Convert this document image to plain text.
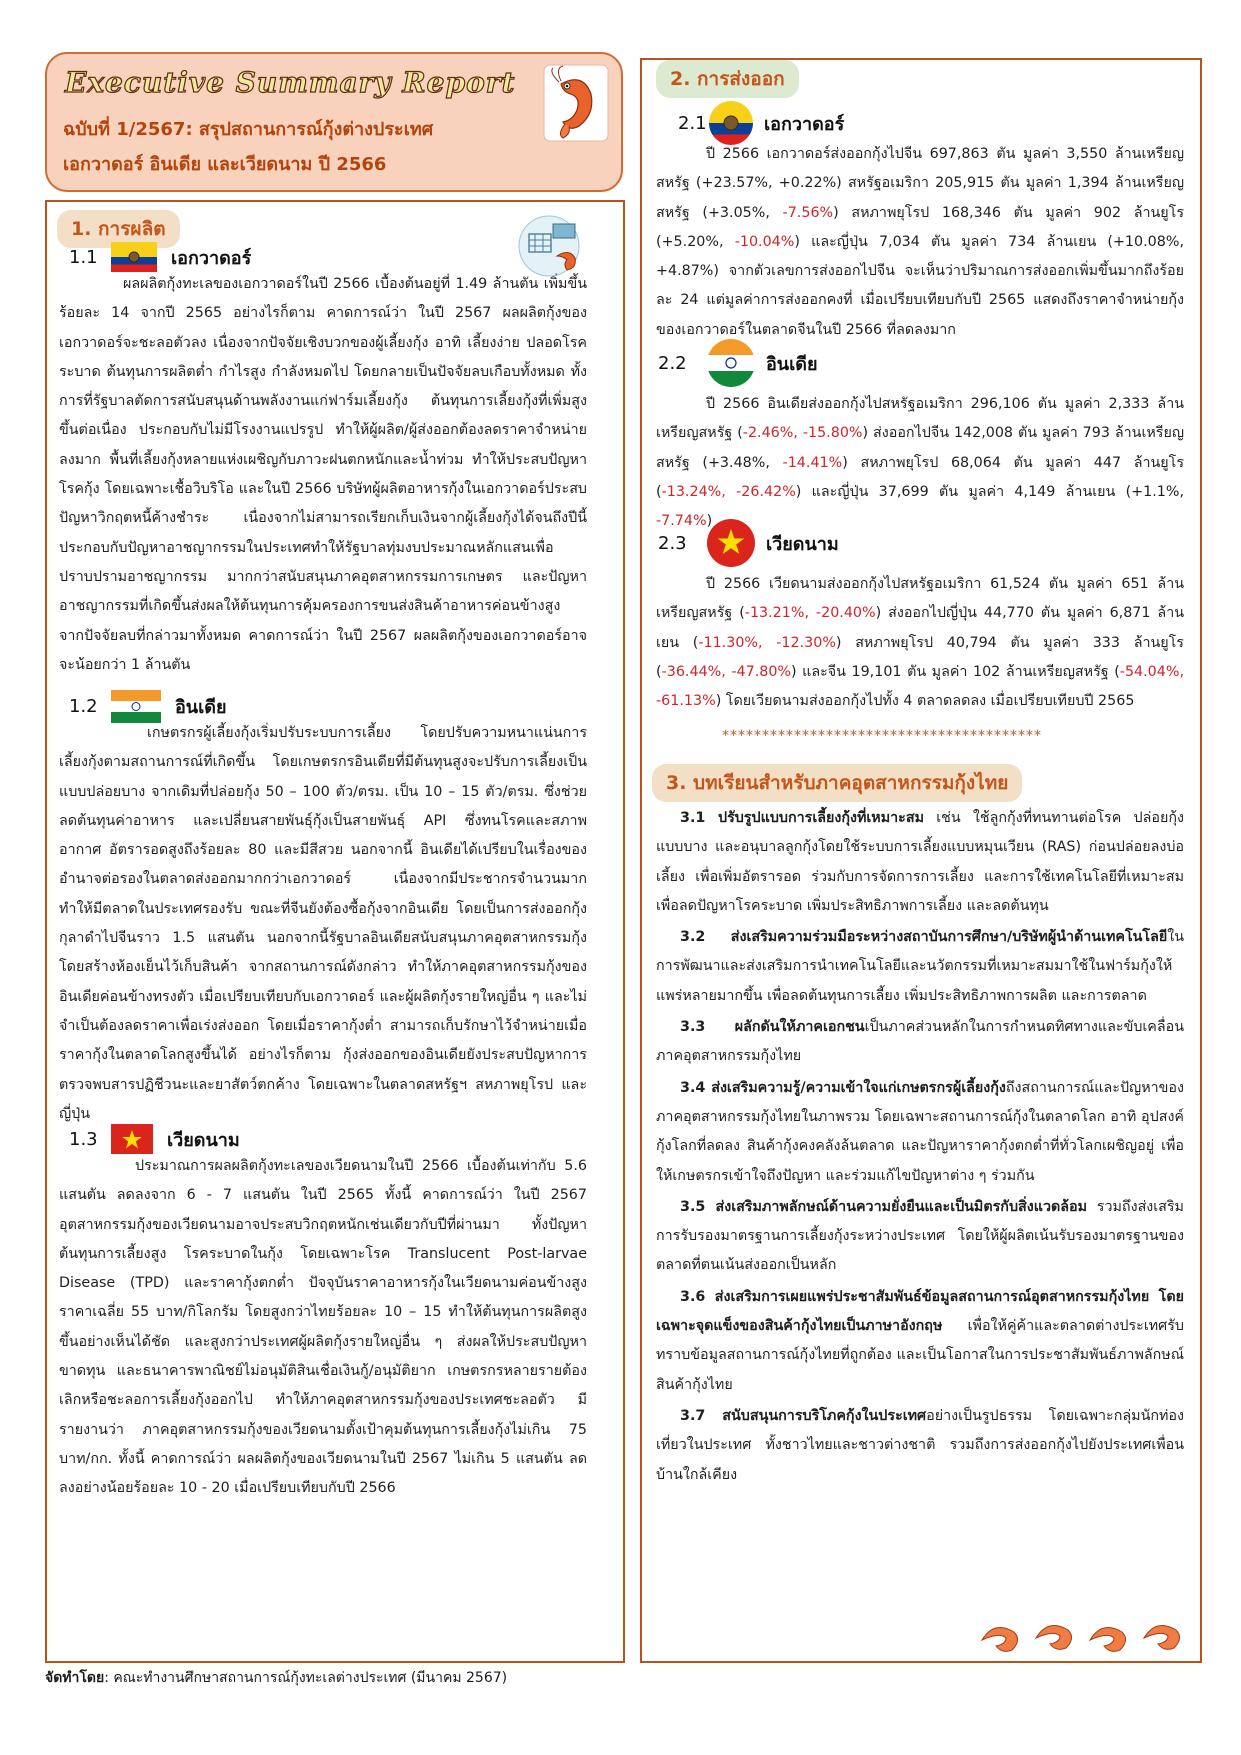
Executive Summary Report
ฉบับที่ 1/2567: สรุปสถานการณ์กุ้งต่างประเทศ
เอกวาดอร์ อินเดีย และเวียดนาม ปี 2566
1. การผลิต
1.1	เอกวาดอร์
ผลผลิตกุ้งทะเลของเอกวาดอร์ในปี 2566 เบื้องต้นอยู่ที่ 1.49 ล้านตัน เพิ่มขึ้นร้อยละ 14 จากปี 2565 อย่างไรก็ตาม คาดการณ์ว่า ในปี 2567 ผลผลิตกุ้งของเอกวาดอร์จะชะลอตัวลง เนื่องจากปัจจัยเชิงบวกของผู้เลี้ยงกุ้ง อาทิ เลี้ยงง่าย ปลอดโรคระบาด ต้นทุนการผลิตต่ำ กำไรสูง กำลังหมดไป โดยกลายเป็นปัจจัยลบเกือบทั้งหมด ทั้งการที่รัฐบาลตัดการสนับสนุนด้านพลังงานแก่ฟาร์มเลี้ยงกุ้ง ต้นทุนการเลี้ยงกุ้งที่เพิ่มสูงขึ้นต่อเนื่อง ประกอบกับไม่มีโรงงานแปรรูป ทำให้ผู้ผลิต/ผู้ส่งออกต้องลดราคาจำหน่ายลงมาก พื้นที่เลี้ยงกุ้งหลายแห่งเผชิญกับภาวะฝนตกหนักและน้ำท่วม ทำให้ประสบปัญหาโรคกุ้ง โดยเฉพาะเชื้อวิบริโอ และในปี 2566 บริษัทผู้ผลิตอาหารกุ้งในเอกวาดอร์ประสบปัญหาวิกฤตหนี้ค้างชำระ เนื่องจากไม่สามารถเรียกเก็บเงินจากผู้เลี้ยงกุ้งได้จนถึงปีนี้ ประกอบกับปัญหาอาชญากรรมในประเทศทำให้รัฐบาลทุ่มงบประมาณหลักแสนเพื่อปราบปรามอาชญากรรม มากกว่าสนับสนุนภาคอุตสาหกรรมการเกษตร และปัญหาอาชญากรรมที่เกิดขึ้นส่งผลให้ต้นทุนการคุ้มครองการขนส่งสินค้าอาหารค่อนข้างสูง จากปัจจัยลบที่กล่าวมาทั้งหมด คาดการณ์ว่า ในปี 2567 ผลผลิตกุ้งของเอกวาดอร์อาจจะน้อยกว่า 1 ล้านตัน
1.2	อินเดีย
เกษตรกรผู้เลี้ยงกุ้งเริ่มปรับระบบการเลี้ยง โดยปรับความหนาแน่นการเลี้ยงกุ้งตามสถานการณ์ที่เกิดขึ้น โดยเกษตรกรอินเดียที่มีต้นทุนสูงจะปรับการเลี้ยงเป็นแบบปล่อยบาง จากเดิมที่ปล่อยกุ้ง 50 – 100 ตัว/ตรม. เป็น 10 – 15 ตัว/ตรม. ซึ่งช่วยลดต้นทุนค่าอาหาร และเปลี่ยนสายพันธุ์กุ้งเป็นสายพันธุ์ API ซึ่งทนโรคและสภาพอากาศ อัตรารอดสูงถึงร้อยละ 80 และมีสีสวย นอกจากนี้ อินเดียได้เปรียบในเรื่องของอำนาจต่อรองในตลาดส่งออกมากกว่าเอกวาดอร์ เนื่องจากมีประชากรจำนวนมาก ทำให้มีตลาดในประเทศรองรับ ขณะที่จีนยังต้องซื้อกุ้งจากอินเดีย โดยเป็นการส่งออกกุ้งกุลาดำไปจีนราว 1.5 แสนตัน นอกจากนี้รัฐบาลอินเดียสนับสนุนภาคอุตสาหกรรมกุ้ง โดยสร้างห้องเย็นไว้เก็บสินค้า จากสถานการณ์ดังกล่าว ทำให้ภาคอุตสาหกรรมกุ้งของอินเดียค่อนข้างทรงตัว เมื่อเปรียบเทียบกับเอกวาดอร์ และผู้ผลิตกุ้งรายใหญ่อื่น ๆ และไม่จำเป็นต้องลดราคาเพื่อเร่งส่งออก โดยเมื่อราคากุ้งต่ำ สามารถเก็บรักษาไว้จำหน่ายเมื่อราคากุ้งในตลาดโลกสูงขึ้นได้ อย่างไรก็ตาม กุ้งส่งออกของอินเดียยังประสบปัญหาการตรวจพบสารปฏิชีวนะและยาสัตว์ตกค้าง โดยเฉพาะในตลาดสหรัฐฯ สหภาพยุโรป และญี่ปุ่น
1.3	เวียดนาม
ประมาณการผลผลิตกุ้งทะเลของเวียดนามในปี 2566 เบื้องต้นเท่ากับ 5.6 แสนตัน ลดลงจาก 6 - 7 แสนตัน ในปี 2565 ทั้งนี้ คาดการณ์ว่า ในปี 2567 อุตสาหกรรมกุ้งของเวียดนามอาจประสบวิกฤตหนักเช่นเดียวกับปีที่ผ่านมา ทั้งปัญหาต้นทุนการเลี้ยงสูง โรคระบาดในกุ้ง โดยเฉพาะโรค Translucent Post-larvae Disease (TPD) และราคากุ้งตกต่ำ ปัจจุบันราคาอาหารกุ้งในเวียดนามค่อนข้างสูง ราคาเฉลี่ย 55 บาท/กิโลกรัม โดยสูงกว่าไทยร้อยละ 10 – 15 ทำให้ต้นทุนการผลิตสูงขึ้นอย่างเห็นได้ชัด และสูงกว่าประเทศผู้ผลิตกุ้งรายใหญ่อื่น ๆ ส่งผลให้ประสบปัญหาขาดทุน และธนาคารพาณิชย์ไม่อนุมัติสินเชื่อเงินกู้/อนุมัติยาก เกษตรกรหลายรายต้องเลิกหรือชะลอการเลี้ยงกุ้งออกไป ทำให้ภาคอุตสาหกรรมกุ้งของประเทศชะลอตัว มีรายงานว่า ภาคอุตสาหกรรมกุ้งของเวียดนามตั้งเป้าคุมต้นทุนการเลี้ยงกุ้งไม่เกิน 75 บาท/กก. ทั้งนี้ คาดการณ์ว่า ผลผลิตกุ้งของเวียดนามในปี 2567 ไม่เกิน 5 แสนตัน ลดลงอย่างน้อยร้อยละ 10 - 20 เมื่อเปรียบเทียบกับปี 2566
2. การส่งออก
2.1	เอกวาดอร์
ปี 2566 เอกวาดอร์ส่งออกกุ้งไปจีน 697,863 ตัน มูลค่า 3,550 ล้านเหรียญสหรัฐ (+23.57%, +0.22%) สหรัฐอเมริกา 205,915 ตัน มูลค่า 1,394 ล้านเหรียญสหรัฐ (+3.05%, -7.56%) สหภาพยุโรป 168,346 ตัน มูลค่า 902 ล้านยูโร (+5.20%, -10.04%) และญี่ปุ่น 7,034 ตัน มูลค่า 734 ล้านเยน (+10.08%, +4.87%) จากตัวเลขการส่งออกไปจีน จะเห็นว่าปริมาณการส่งออกเพิ่มขึ้นมากถึงร้อยละ 24 แต่มูลค่าการส่งออกคงที่ เมื่อเปรียบเทียบกับปี 2565 แสดงถึงราคาจำหน่ายกุ้งของเอกวาดอร์ในตลาดจีนในปี 2566 ที่ลดลงมาก
2.2	อินเดีย
ปี 2566 อินเดียส่งออกกุ้งไปสหรัฐอเมริกา 296,106 ตัน มูลค่า 2,333 ล้านเหรียญสหรัฐ (-2.46%, -15.80%) ส่งออกไปจีน 142,008 ตัน มูลค่า 793 ล้านเหรียญสหรัฐ (+3.48%, -14.41%) สหภาพยุโรป 68,064 ตัน มูลค่า 447 ล้านยูโร (-13.24%, -26.42%) และญี่ปุ่น 37,699 ตัน มูลค่า 4,149 ล้านเยน (+1.1%, -7.74%)
2.3	เวียดนาม
ปี 2566 เวียดนามส่งออกกุ้งไปสหรัฐอเมริกา 61,524 ตัน มูลค่า 651 ล้านเหรียญสหรัฐ (-13.21%, -20.40%) ส่งออกไปญี่ปุ่น 44,770 ตัน มูลค่า 6,871 ล้านเยน (-11.30%, -12.30%) สหภาพยุโรป 40,794 ตัน มูลค่า 333 ล้านยูโร (-36.44%, -47.80%) และจีน 19,101 ตัน มูลค่า 102 ล้านเหรียญสหรัฐ (-54.04%, -61.13%) โดยเวียดนามส่งออกกุ้งไปทั้ง 4 ตลาดลดลง เมื่อเปรียบเทียบปี 2565
****************************************
3. บทเรียนสำหรับภาคอุตสาหกรรมกุ้งไทย
3.1 ปรับรูปแบบการเลี้ยงกุ้งที่เหมาะสม เช่น ใช้ลูกกุ้งที่ทนทานต่อโรค ปล่อยกุ้งแบบบาง และอนุบาลลูกกุ้งโดยใช้ระบบการเลี้ยงแบบหมุนเวียน (RAS) ก่อนปล่อยลงบ่อเลี้ยง เพื่อเพิ่มอัตรารอด ร่วมกับการจัดการการเลี้ยง และการใช้เทคโนโลยีที่เหมาะสม เพื่อลดปัญหาโรคระบาด เพิ่มประสิทธิภาพการเลี้ยง และลดต้นทุน
3.2 ส่งเสริมความร่วมมือระหว่างสถาบันการศึกษา/บริษัทผู้นำด้านเทคโนโลยีในการพัฒนาและส่งเสริมการนำเทคโนโลยีและนวัตกรรมที่เหมาะสมมาใช้ในฟาร์มกุ้งให้แพร่หลายมากขึ้น เพื่อลดต้นทุนการเลี้ยง เพิ่มประสิทธิภาพการผลิต และการตลาด
3.3 ผลักดันให้ภาคเอกชนเป็นภาคส่วนหลักในการกำหนดทิศทางและขับเคลื่อนภาคอุตสาหกรรมกุ้งไทย
3.4 ส่งเสริมความรู้/ความเข้าใจแก่เกษตรกรผู้เลี้ยงกุ้งถึงสถานการณ์และปัญหาของภาคอุตสาหกรรมกุ้งไทยในภาพรวม โดยเฉพาะสถานการณ์กุ้งในตลาดโลก อาทิ อุปสงค์กุ้งโลกที่ลดลง สินค้ากุ้งคงคลังล้นตลาด และปัญหาราคากุ้งตกต่ำที่ทั่วโลกเผชิญอยู่ เพื่อให้เกษตรกรเข้าใจถึงปัญหา และร่วมแก้ไขปัญหาต่าง ๆ ร่วมกัน
3.5 ส่งเสริมภาพลักษณ์ด้านความยั่งยืนและเป็นมิตรกับสิ่งแวดล้อม รวมถึงส่งเสริมการรับรองมาตรฐานการเลี้ยงกุ้งระหว่างประเทศ โดยให้ผู้ผลิตเน้นรับรองมาตรฐานของตลาดที่ตนเน้นส่งออกเป็นหลัก
3.6 ส่งเสริมการเผยแพร่ประชาสัมพันธ์ข้อมูลสถานการณ์อุตสาหกรรมกุ้งไทย โดยเฉพาะจุดแข็งของสินค้ากุ้งไทยเป็นภาษาอังกฤษ เพื่อให้คู่ค้าและตลาดต่างประเทศรับทราบข้อมูลสถานการณ์กุ้งไทยที่ถูกต้อง และเป็นโอกาสในการประชาสัมพันธ์ภาพลักษณ์สินค้ากุ้งไทย
3.7 สนับสนุนการบริโภคกุ้งในประเทศอย่างเป็นรูปธรรม โดยเฉพาะกลุ่มนักท่องเที่ยวในประเทศ ทั้งชาวไทยและชาวต่างชาติ รวมถึงการส่งออกกุ้งไปยังประเทศเพื่อนบ้านใกล้เคียง
จัดทำโดย: คณะทำงานศึกษาสถานการณ์กุ้งทะเลต่างประเทศ (มีนาคม 2567)
